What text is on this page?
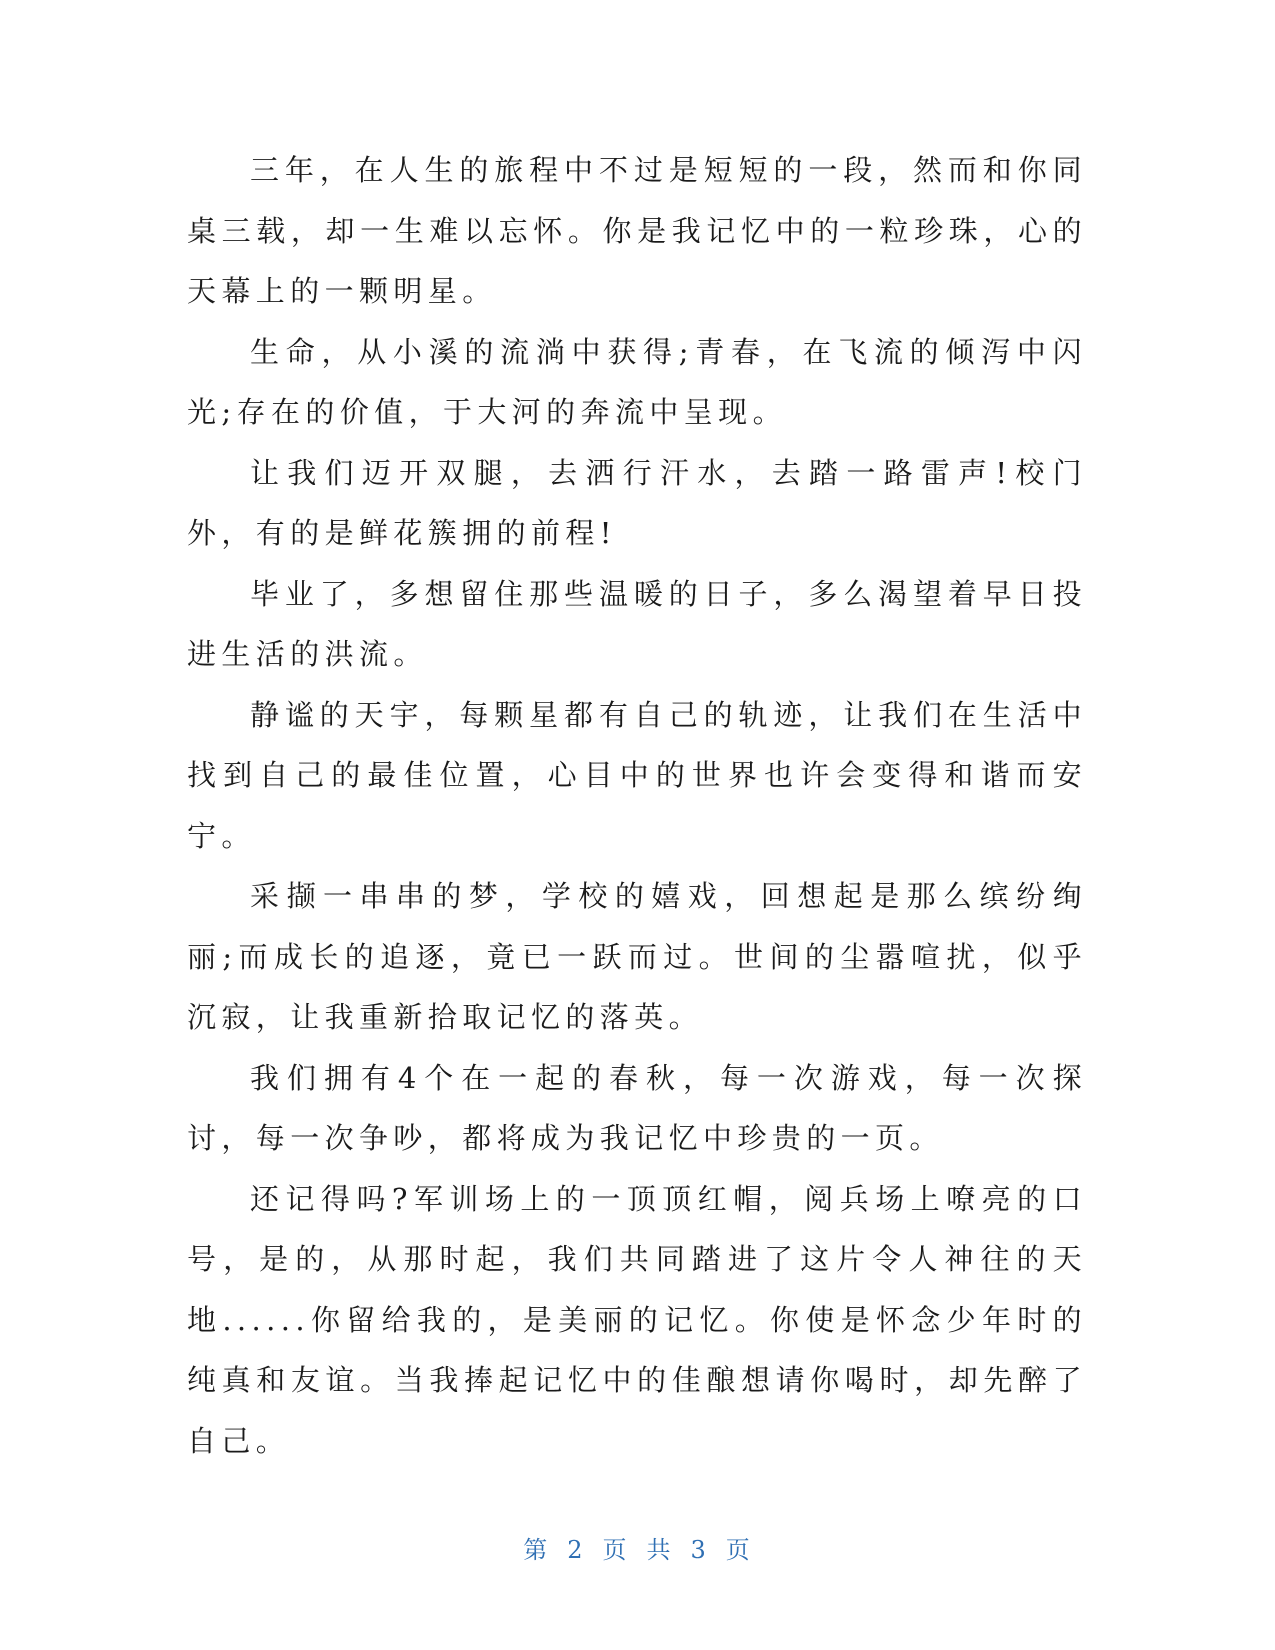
三年，在人生的旅程中不过是短短的一段，然而和你同桌三载，却一生难以忘怀。你是我记忆中的一粒珍珠，心的天幕上的一颗明星。

生命，从小溪的流淌中获得;青春，在飞流的倾泻中闪光;存在的价值，于大河的奔流中呈现。

让我们迈开双腿，去洒行汗水，去踏一路雷声!校门外，有的是鲜花簇拥的前程!

毕业了，多想留住那些温暖的日子，多么渴望着早日投进生活的洪流。

静谧的天宇，每颗星都有自己的轨迹，让我们在生活中找到自己的最佳位置，心目中的世界也许会变得和谐而安宁。

采撷一串串的梦，学校的嬉戏，回想起是那么缤纷绚丽;而成长的追逐，竟已一跃而过。世间的尘嚣喧扰，似乎沉寂，让我重新拾取记忆的落英。

我们拥有4个在一起的春秋，每一次游戏，每一次探讨，每一次争吵，都将成为我记忆中珍贵的一页。

还记得吗?军训场上的一顶顶红帽，阅兵场上嘹亮的口号，是的，从那时起，我们共同踏进了这片令人神往的天地......你留给我的，是美丽的记忆。你使是怀念少年时的纯真和友谊。当我捧起记忆中的佳酿想请你喝时，却先醉了自己。

第 2 页 共 3 页
